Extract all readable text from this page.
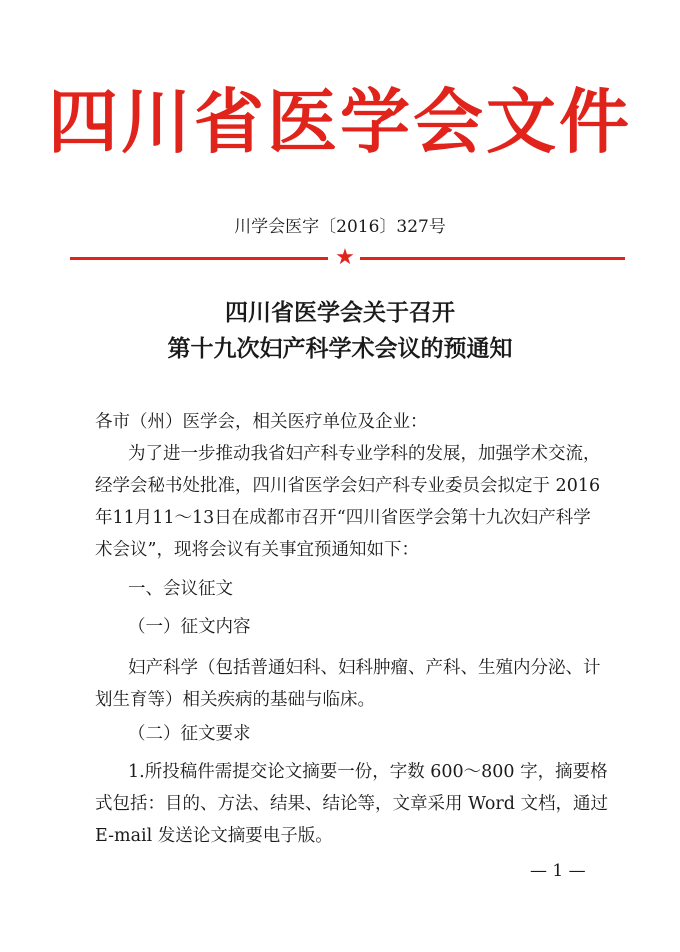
四川省医学会文件
川学会医字〔2016〕327号
★
四川省医学会关于召开
第十九次妇产科学术会议的预通知
各市（州）医学会，相关医疗单位及企业：
为了进一步推动我省妇产科专业学科的发展，加强学术交流，
经学会秘书处批准，四川省医学会妇产科专业委员会拟定于 2016
年11月11～13日在成都市召开“四川省医学会第十九次妇产科学
术会议”，现将会议有关事宜预通知如下：
一、会议征文
（一）征文内容
妇产科学（包括普通妇科、妇科肿瘤、产科、生殖内分泌、计
划生育等）相关疾病的基础与临床。
（二）征文要求
1.所投稿件需提交论文摘要一份，字数 600～800 字，摘要格
式包括：目的、方法、结果、结论等，文章采用 Word 文档，通过
E-mail 发送论文摘要电子版。
— 1 —
